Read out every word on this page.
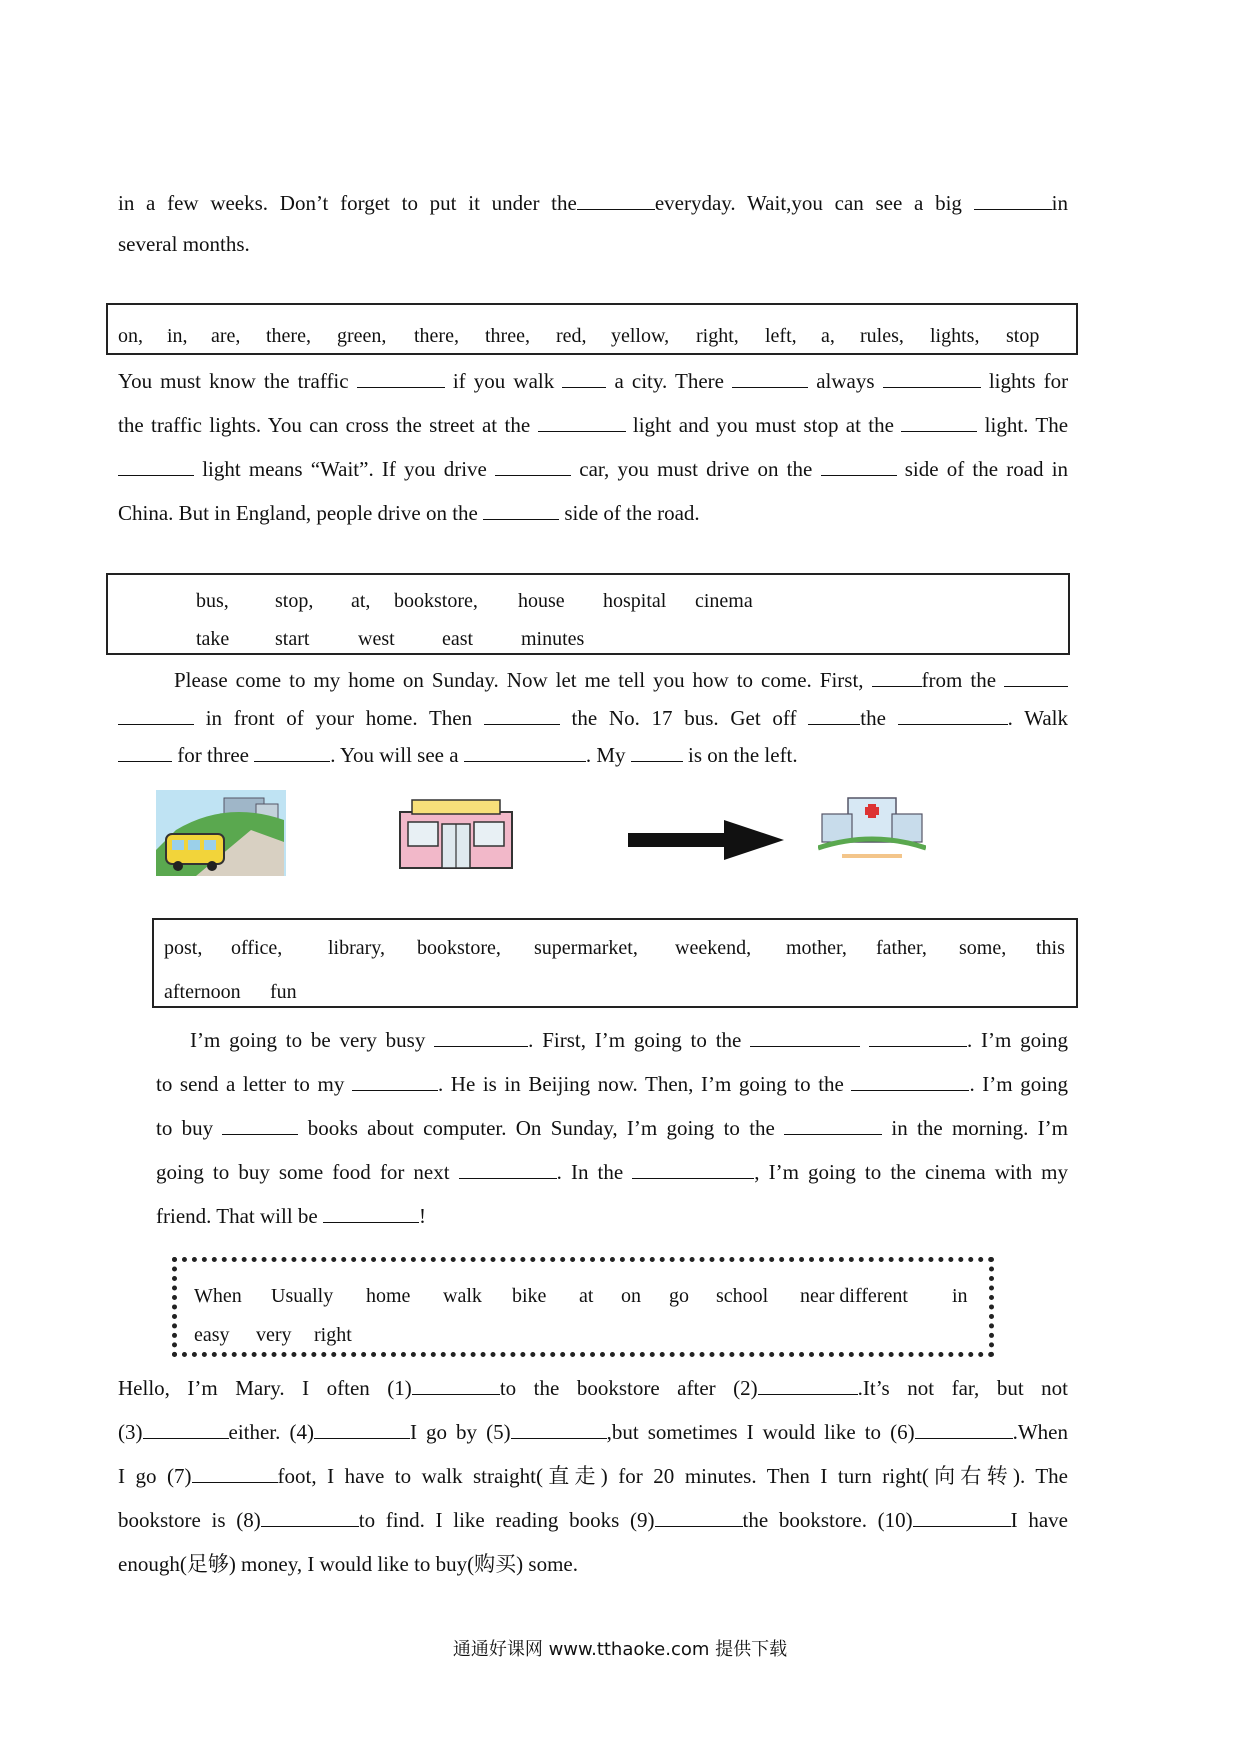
in a few weeks. Don’t forget to put it under the	everyday. Wait,you can see a big	in
several months.
on, in, are, there, green, there, three, red, yellow, right, left, a, rules, lights, stop
You must know the traffic	if you walk	a city. There	always	lights for
the traffic lights. You can cross the street at the	light and you must stop at the	light. The
light means “Wait”. If you drive	car, you must drive on the	side of the road in
China. But in England, people drive on the	side of the road.
bus, stop, at, bookstore, house hospital cinema
take start west east minutes
Please come to my home on Sunday. Now let me tell you how to come. First,	from the
in front of your home. Then	the No. 17 bus. Get off	the	. Walk
for three	. You will see a	. My	is on the left.
post, office, library, bookstore, supermarket, weekend, mother, father, some, this
afternoon fun
I’m going to be very busy	. First, I’m going to the	. I’m going
to send a letter to my	. He is in Beijing now. Then, I’m going to the	. I’m going
to buy	books about computer. On Sunday, I’m going to the	in the morning. I’m
going to buy some food for next	. In the	, I’m going to the cinema with my
friend. That will be	!
When Usually home walk bike at on go school near different in
easy very right
Hello, I’m Mary. I often (1)	to the bookstore after (2)	.It’s not far, but not
(3)	either. (4)	I go by (5)	,but sometimes I would like to (6)	.When
I go (7)	foot, I have to walk straight(直走) for 20 minutes. Then I turn right(向右转). The
bookstore is (8)	to find. I like reading books (9)	the bookstore. (10)	I have
enough(足够) money, I would like to buy(购买) some.
通通好课网 www.tthaoke.com 提供下载
